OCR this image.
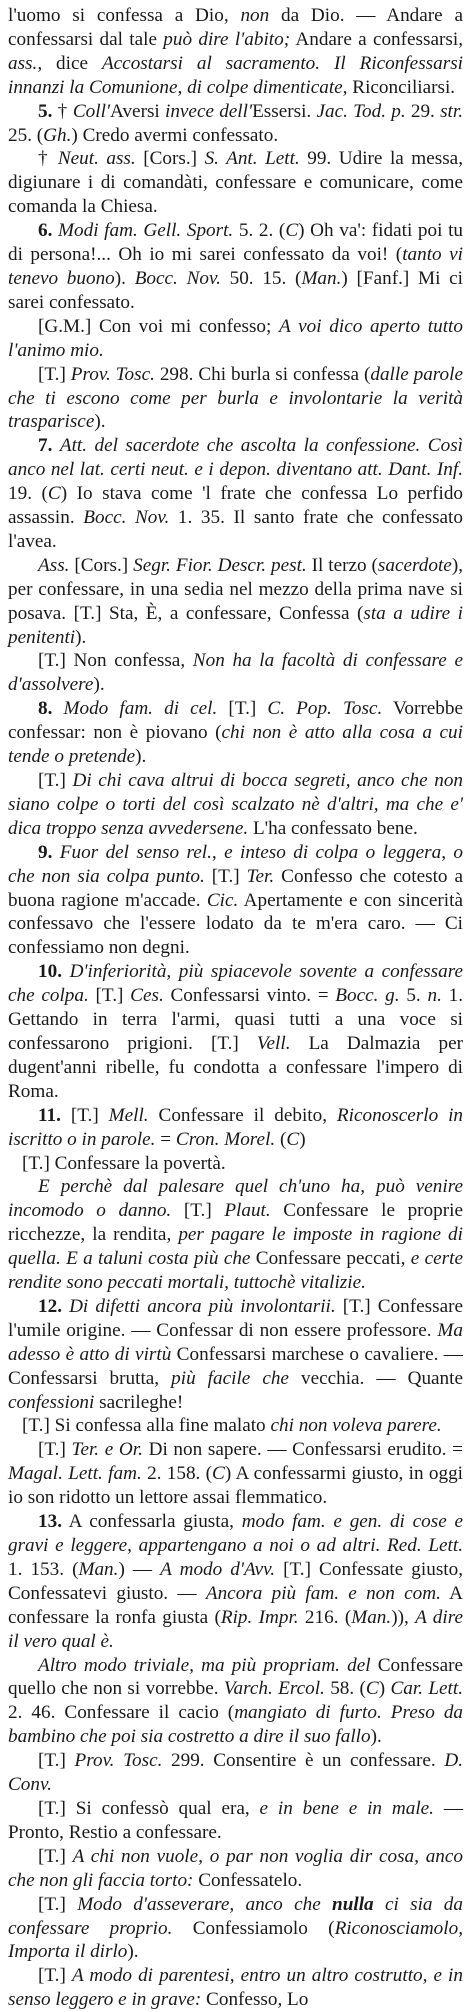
l'uomo si confessa a Dio, non da Dio. — Andare a confessarsi dal tale può dire l'abito; Andare a confessarsi, ass., dice Accostarsi al sacramento. Il Riconfessarsi innanzi la Comunione, di colpe dimenticate, Riconciliarsi.

5. † Coll'Aversi invece dell'Essersi. Jac. Tod. p. 29. str. 25. (Gh.) Credo avermi confessato.

† Neut. ass. [Cors.] S. Ant. Lett. 99. Udire la messa, digiunare i di comandàti, confessare e comunicare, come comanda la Chiesa.

6. Modi fam. Gell. Sport. 5. 2. (C) Oh va': fidati poi tu di persona!... Oh io mi sarei confessato da voi! (tanto vi tenevo buono). Bocc. Nov. 50. 15. (Man.) [Fanf.] Mi ci sarei confessato.

[G.M.] Con voi mi confesso; A voi dico aperto tutto l'animo mio.

[T.] Prov. Tosc. 298. Chi burla si confessa (dalle parole che ti escono come per burla e involontarie la verità trasparisce).

7. Att. del sacerdote che ascolta la confessione. Così anco nel lat. certi neut. e i depon. diventano att. Dant. Inf. 19. (C) Io stava come 'l frate che confessa Lo perfido assassin. Bocc. Nov. 1. 35. Il santo frate che confessato l'avea.

Ass. [Cors.] Segr. Fior. Descr. pest. Il terzo (sacerdote), per confessare, in una sedia nel mezzo della prima nave si posava. [T.] Sta, È, a confessare, Confessa (sta a udire i penitenti).

[T.] Non confessa, Non ha la facoltà di confessare e d'assolvere).

8. Modo fam. di cel. [T.] C. Pop. Tosc. Vorrebbe confessar: non è piovano (chi non è atto alla cosa a cui tende o pretende).

[T.] Di chi cava altrui di bocca segreti, anco che non siano colpe o torti del così scalzato nè d'altri, ma che e' dica troppo senza avvedersene. L'ha confessato bene.

9. Fuor del senso rel., e inteso di colpa o leggera, o che non sia colpa punto. [T.] Ter. Confesso che cotesto a buona ragione m'accade. Cic. Apertamente e con sincerità confessavo che l'essere lodato da te m'era caro. — Ci confessiamo non degni.

10. D'inferiorità, più spiacevole sovente a confessare che colpa. [T.] Ces. Confessarsi vinto. = Bocc. g. 5. n. 1. Gettando in terra l'armi, quasi tutti a una voce si confessarono prigioni. [T.] Vell. La Dalmazia per dugent'anni ribelle, fu condotta a confessare l'impero di Roma.

11. [T.] Mell. Confessare il debito, Riconoscerlo in iscritto o in parole. = Cron. Morel. (C)

[T.] Confessare la povertà.

E perchè dal palesare quel ch'uno ha, può venire incomodo o danno. [T.] Plaut. Confessare le proprie ricchezze, la rendita, per pagare le imposte in ragione di quella. E a taluni costa più che Confessare peccati, e certe rendite sono peccati mortali, tuttochè vitalizie.

12. Di difetti ancora più involontarii. [T.] Confessare l'umile origine. — Confessar di non essere professore. Ma adesso è atto di virtù Confessarsi marchese o cavaliere. — Confessarsi brutta, più facile che vecchia. — Quante confessioni sacrileghe!

[T.] Si confessa alla fine malato chi non voleva parere.

[T.] Ter. e Or. Di non sapere. — Confessarsi erudito. = Magal. Lett. fam. 2. 158. (C) A confessarmi giusto, in oggi io son ridotto un lettore assai flemmatico.

13. A confessarla giusta, modo fam. e gen. di cose e gravi e leggere, appartengano a noi o ad altri. Red. Lett. 1. 153. (Man.) — A modo d'Avv. [T.] Confessate giusto, Confessatevi giusto. — Ancora più fam. e non com. A confessare la ronfa giusta (Rip. Impr. 216. (Man.)), A dire il vero qual è.

Altro modo triviale, ma più propriam. del Confessare quello che non si vorrebbe. Varch. Ercol. 58. (C) Car. Lett. 2. 46. Confessare il cacio (mangiato di furto. Preso da bambino che poi sia costretto a dire il suo fallo).

[T.] Prov. Tosc. 299. Consentire è un confessare. D. Conv.

[T.] Si confessò qual era, e in bene e in male. — Pronto, Restio a confessare.

[T.] A chi non vuole, o par non voglia dir cosa, anco che non gli faccia torto: Confessatelo.

[T.] Modo d'asseverare, anco che nulla ci sia da confessare proprio. Confessiamolo (Riconosciamolo, Importa il dirlo).

[T.] A modo di parentesi, entro un altro costrutto, e in senso leggero e in grave: Confesso, Lo
